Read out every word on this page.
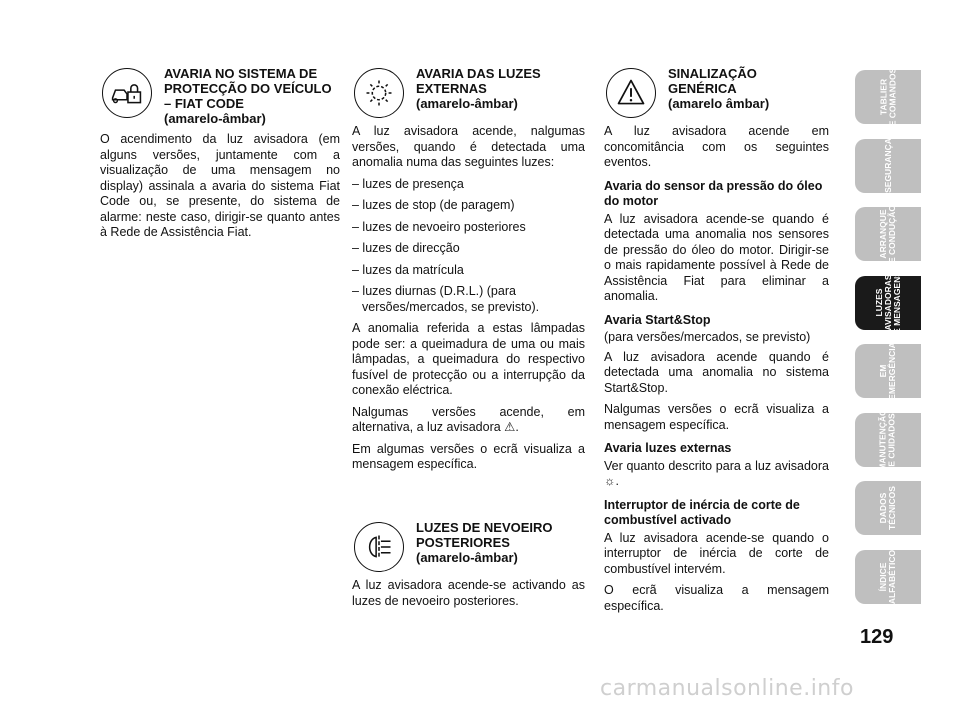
AVARIA NO SISTEMA DE PROTECÇÃO DO VEÍCULO – FIAT CODE
(amarelo-âmbar)

O acendimento da luz avisadora (em alguns versões, juntamente com a visualização de uma mensagem no display) assinala a avaria do sistema Fiat Code ou, se presente, do sistema de alarme: neste caso, dirigir-se quanto antes à Rede de Assistência Fiat.

AVARIA DAS LUZES EXTERNAS
(amarelo-âmbar)

A luz avisadora acende, nalgumas versões, quando é detectada uma anomalia numa das seguintes luzes:

– luzes de presença
– luzes de stop (de paragem)
– luzes de nevoeiro posteriores
– luzes de direcção
– luzes da matrícula
– luzes diurnas (D.R.L.) (para versões/mercados, se previsto).

A anomalia referida a estas lâmpadas pode ser: a queimadura de uma ou mais lâmpadas, a queimadura do respectivo fusível de protecção ou a interrupção da conexão eléctrica.

Nalgumas versões acende, em alternativa, a luz avisadora ⚠.

Em algumas versões o ecrã visualiza a mensagem específica.

LUZES DE NEVOEIRO POSTERIORES
(amarelo-âmbar)

A luz avisadora acende-se activando as luzes de nevoeiro posteriores.

SINALIZAÇÃO GENÉRICA
(amarelo âmbar)

A luz avisadora acende em concomitância com os seguintes eventos.

Avaria do sensor da pressão do óleo do motor

A luz avisadora acende-se quando é detectada uma anomalia nos sensores de pressão do óleo do motor. Dirigir-se o mais rapidamente possível à Rede de Assistência Fiat para eliminar a anomalia.

Avaria Start&Stop
(para versões/mercados, se previsto)

A luz avisadora acende quando é detectada uma anomalia no sistema Start&Stop.

Nalgumas versões o ecrã visualiza a mensagem específica.

Avaria luzes externas

Ver quanto descrito para a luz avisadora ☼.

Interruptor de inércia de corte de combustível activado

A luz avisadora acende-se quando o interruptor de inércia de corte de combustível intervém.

O ecrã visualiza a mensagem específica.

TABLIER
E COMANDOS
SEGURANÇA
ARRANQUE
E CONDUÇÃO
LUZES
AVISADORAS
E MENSAGENS
EM
EMERGÊNCIA
MANUTENÇÃO
E CUIDADOS
DADOS
TÉCNICOS
ÍNDICE
ALFABÉTICO
129
carmanualsonline.info
